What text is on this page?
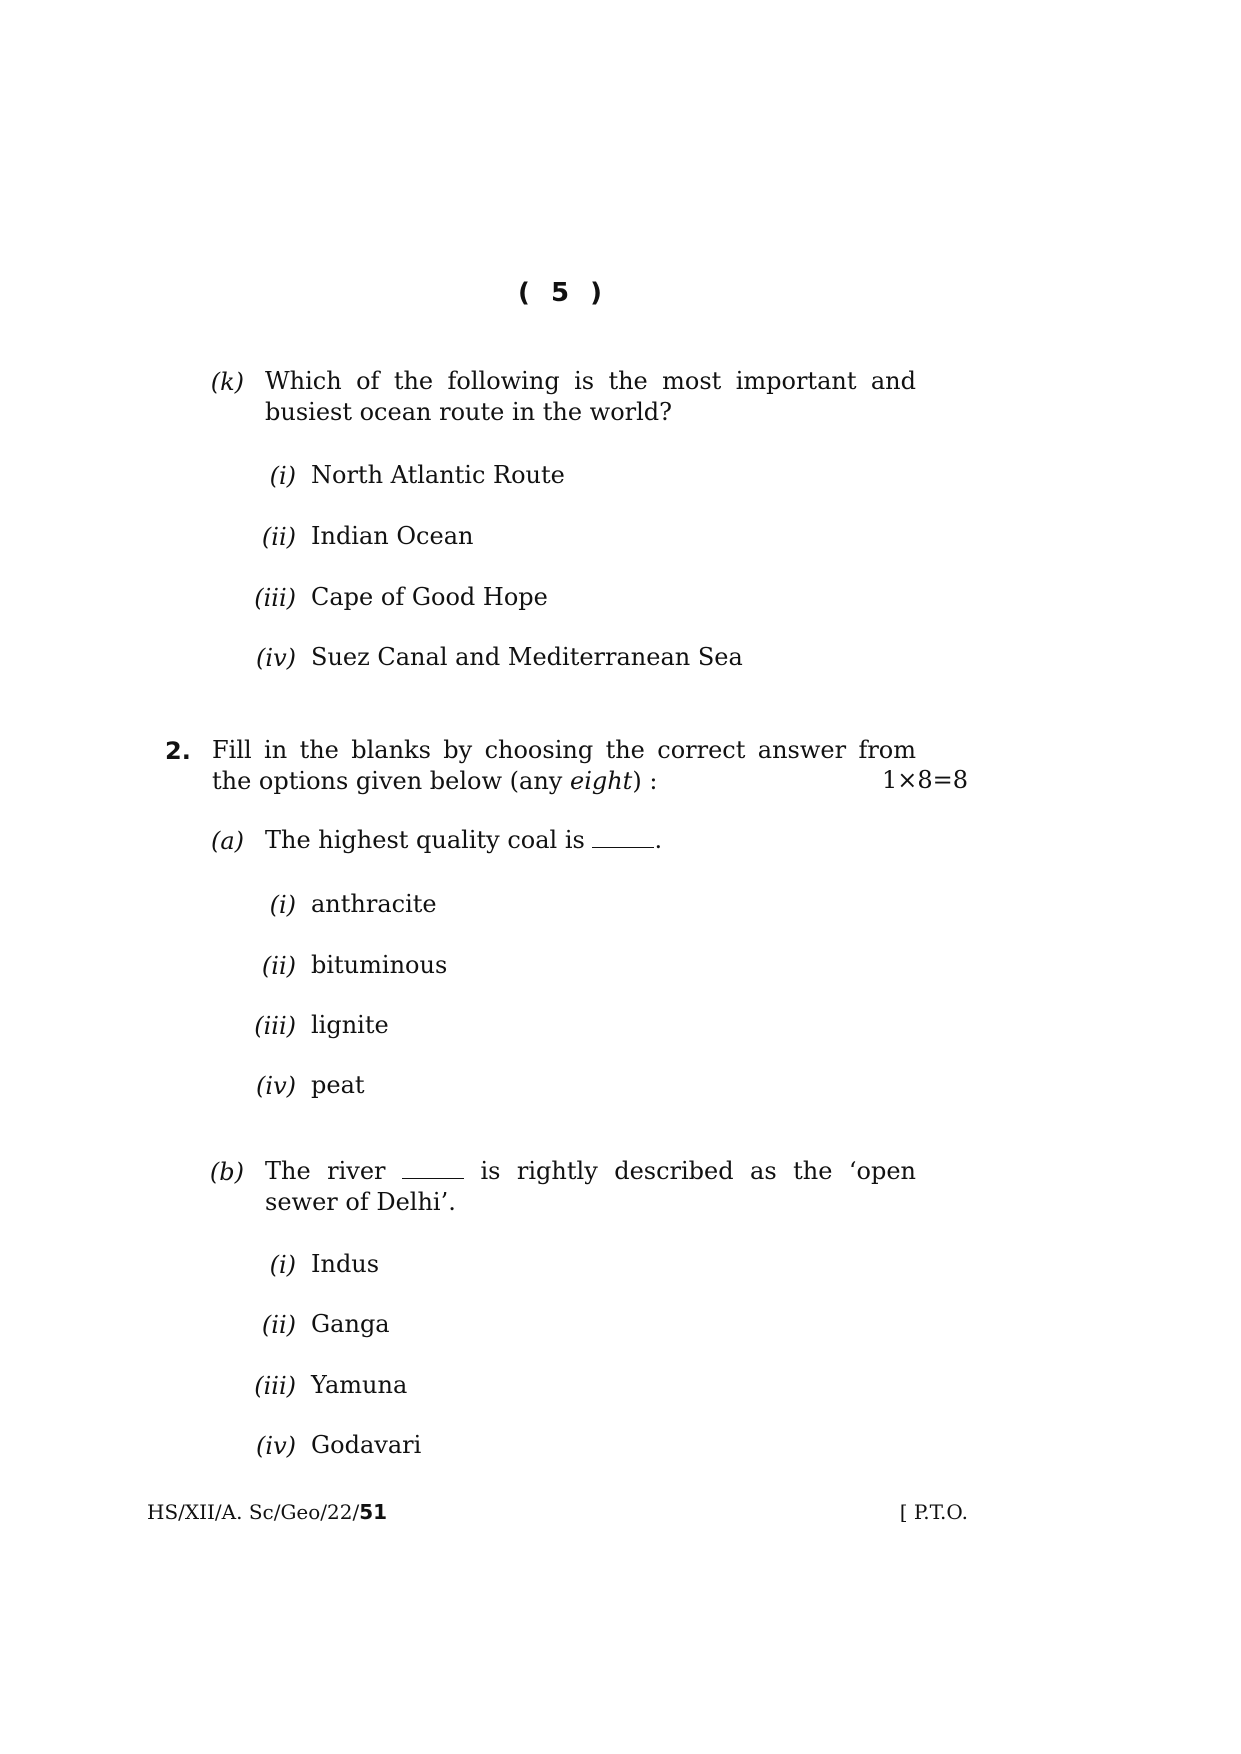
( 5 )
(k) Which of the following is the most important and
busiest ocean route in the world?
(i) North Atlantic Route
(ii) Indian Ocean
(iii) Cape of Good Hope
(iv) Suez Canal and Mediterranean Sea
2. Fill in the blanks by choosing the correct answer from
the options given below (any eight) :	1×8=8
(a) The highest quality coal is	.
(i) anthracite
(ii) bituminous
(iii) lignite
(iv) peat
(b) The river	is rightly described as the ‘open
sewer of Delhi’.
(i) Indus
(ii) Ganga
(iii) Yamuna
(iv) Godavari
HS/XII/A. Sc/Geo/22/51	[ P.T.O.
